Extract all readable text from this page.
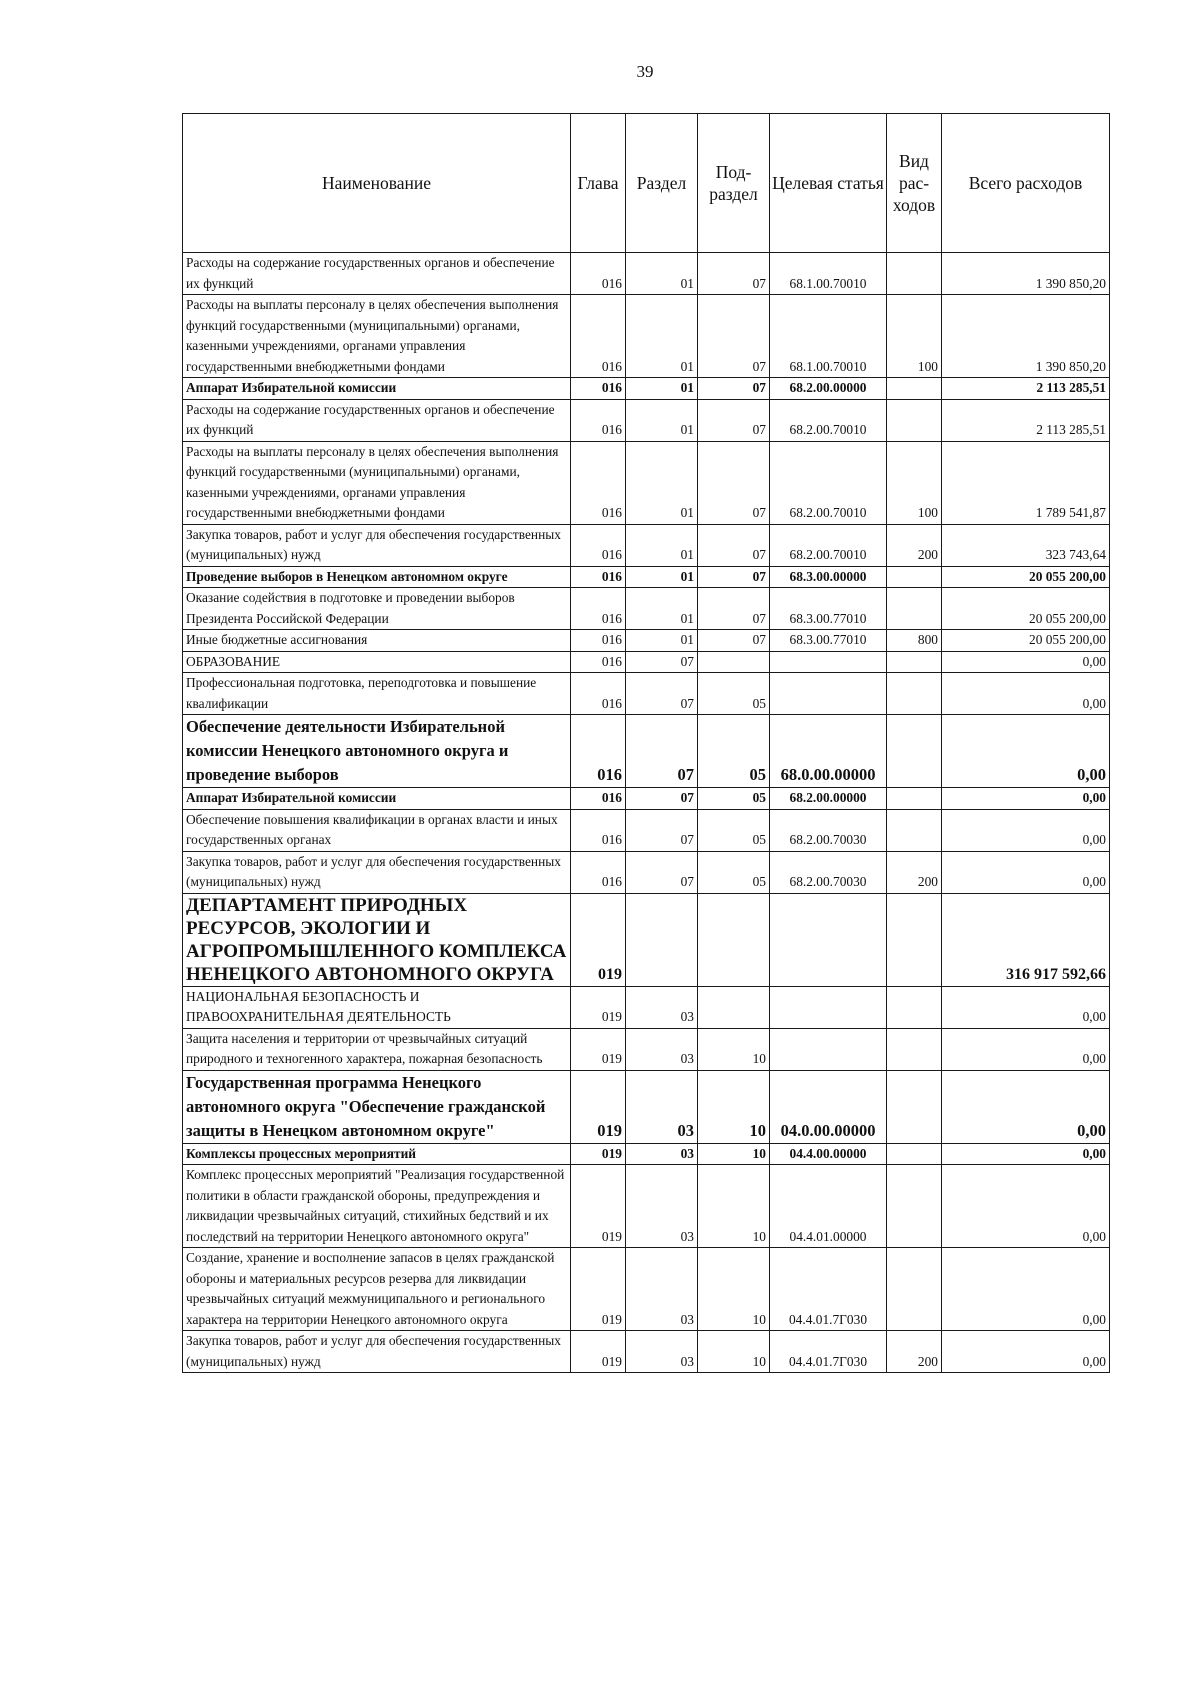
39
Наименование	Глава	Раздел	Под-раздел	Целевая статья	Вид рас-ходов	Всего расходов
Расходы на содержание государственных органов и обеспечение их функций	016	01	07	68.1.00.70010		1 390 850,20
Расходы на выплаты персоналу в целях обеспечения выполнения функций государственными (муниципальными) органами, казенными учреждениями, органами управления государственными внебюджетными фондами	016	01	07	68.1.00.70010	100	1 390 850,20
Аппарат Избирательной комиссии	016	01	07	68.2.00.00000		2 113 285,51
Расходы на содержание государственных органов и обеспечение их функций	016	01	07	68.2.00.70010		2 113 285,51
Расходы на выплаты персоналу в целях обеспечения выполнения функций государственными (муниципальными) органами, казенными учреждениями, органами управления государственными внебюджетными фондами	016	01	07	68.2.00.70010	100	1 789 541,87
Закупка товаров, работ и услуг для обеспечения государственных (муниципальных) нужд	016	01	07	68.2.00.70010	200	323 743,64
Проведение выборов в Ненецком автономном округе	016	01	07	68.3.00.00000		20 055 200,00
Оказание содействия в подготовке и проведении выборов Президента Российской Федерации	016	01	07	68.3.00.77010		20 055 200,00
Иные бюджетные ассигнования	016	01	07	68.3.00.77010	800	20 055 200,00
ОБРАЗОВАНИЕ	016	07				0,00
Профессиональная подготовка, переподготовка и повышение квалификации	016	07	05			0,00
Обеспечение деятельности Избирательной комиссии Ненецкого автономного округа и проведение выборов	016	07	05	68.0.00.00000		0,00
Аппарат Избирательной комиссии	016	07	05	68.2.00.00000		0,00
Обеспечение повышения квалификации в органах власти и иных государственных органах	016	07	05	68.2.00.70030		0,00
Закупка товаров, работ и услуг для обеспечения государственных (муниципальных) нужд	016	07	05	68.2.00.70030	200	0,00
ДЕПАРТАМЕНТ ПРИРОДНЫХ РЕСУРСОВ, ЭКОЛОГИИ И АГРОПРОМЫШЛЕННОГО КОМПЛЕКСА НЕНЕЦКОГО АВТОНОМНОГО ОКРУГА	019					316 917 592,66
НАЦИОНАЛЬНАЯ БЕЗОПАСНОСТЬ И ПРАВООХРАНИТЕЛЬНАЯ ДЕЯТЕЛЬНОСТЬ	019	03				0,00
Защита населения и территории от чрезвычайных ситуаций природного и техногенного характера, пожарная безопасность	019	03	10			0,00
Государственная программа Ненецкого автономного округа "Обеспечение гражданской защиты в Ненецком автономном округе"	019	03	10	04.0.00.00000		0,00
Комплексы процессных мероприятий	019	03	10	04.4.00.00000		0,00
Комплекс процессных мероприятий "Реализация государственной политики в области гражданской обороны, предупреждения и ликвидации чрезвычайных ситуаций, стихийных бедствий и их последствий на территории Ненецкого автономного округа"	019	03	10	04.4.01.00000		0,00
Создание, хранение и восполнение запасов в целях гражданской обороны и материальных ресурсов резерва для ликвидации чрезвычайных ситуаций межмуниципального и регионального характера на территории Ненецкого автономного округа	019	03	10	04.4.01.7Г030		0,00
Закупка товаров, работ и услуг для обеспечения государственных (муниципальных) нужд	019	03	10	04.4.01.7Г030	200	0,00
